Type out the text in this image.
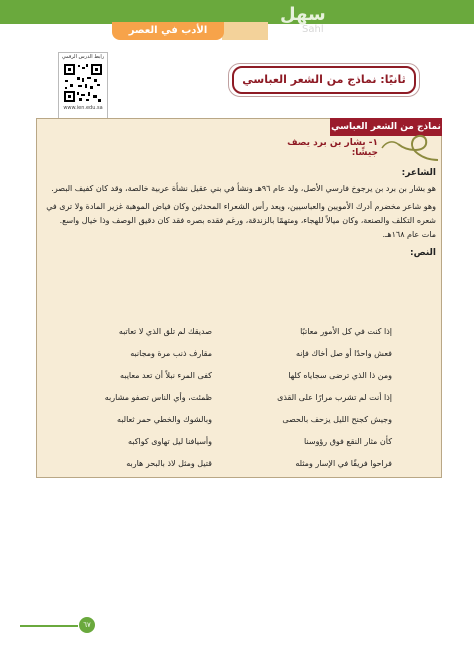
الأدب في العصر العباسي
سهل
Sahl
رابط الدرس الرقمي
www.ien.edu.sa
ثانيًا: نماذج من الشعر العباسي
نماذج من الشعر العباسي
١- بشار بن برد يصف جيشًا:
الشاعر:
هو بشار بن برد بن يرجوخ فارسي الأصل، ولد عام ٩٦هـ ونشأ في بني عقيل نشأة عربية خالصة، وقد كان كفيف البصر.
وهو شاعر مخضرم أدرك الأمويين والعباسيين، ويعد رأس الشعراء المحدثين وكان فياض الموهبة غزير المادة ولا ترى في شعره التكلف والصنعة، وكان ميالاً للهجاء، ومتهمًا بالزندقة، ورغم فقده بصره فقد كان دقيق الوصف وذا خيال واسع. مات عام ١٦٨هـ.
النص:
إذا كنت في كل الأمور معاتبًا
صديقك لم تلق الذي لا تعاتبه
فعش واحدًا أو صل أخاك فإنه
مقارف ذنب مرة ومجانبه
ومن ذا الذي ترضى سجاياه كلها
كفى المرء نبلاً أن تعد معايبه
إذا أنت لم تشرب مرارًا على القذى
ظمئت، وأي الناس تصفو مشاربه
وجيش كجنح الليل يزحف بالحصى
وبالشوك والخطي حمر ثعالبه
كأن مثار النقع فوق رؤوسنا
وأسيافنا ليل تهاوى كواكبه
فراحوا فريقًا في الإسار ومثله
قتيل ومثل لاذ بالبحر هاربه
٦٧
